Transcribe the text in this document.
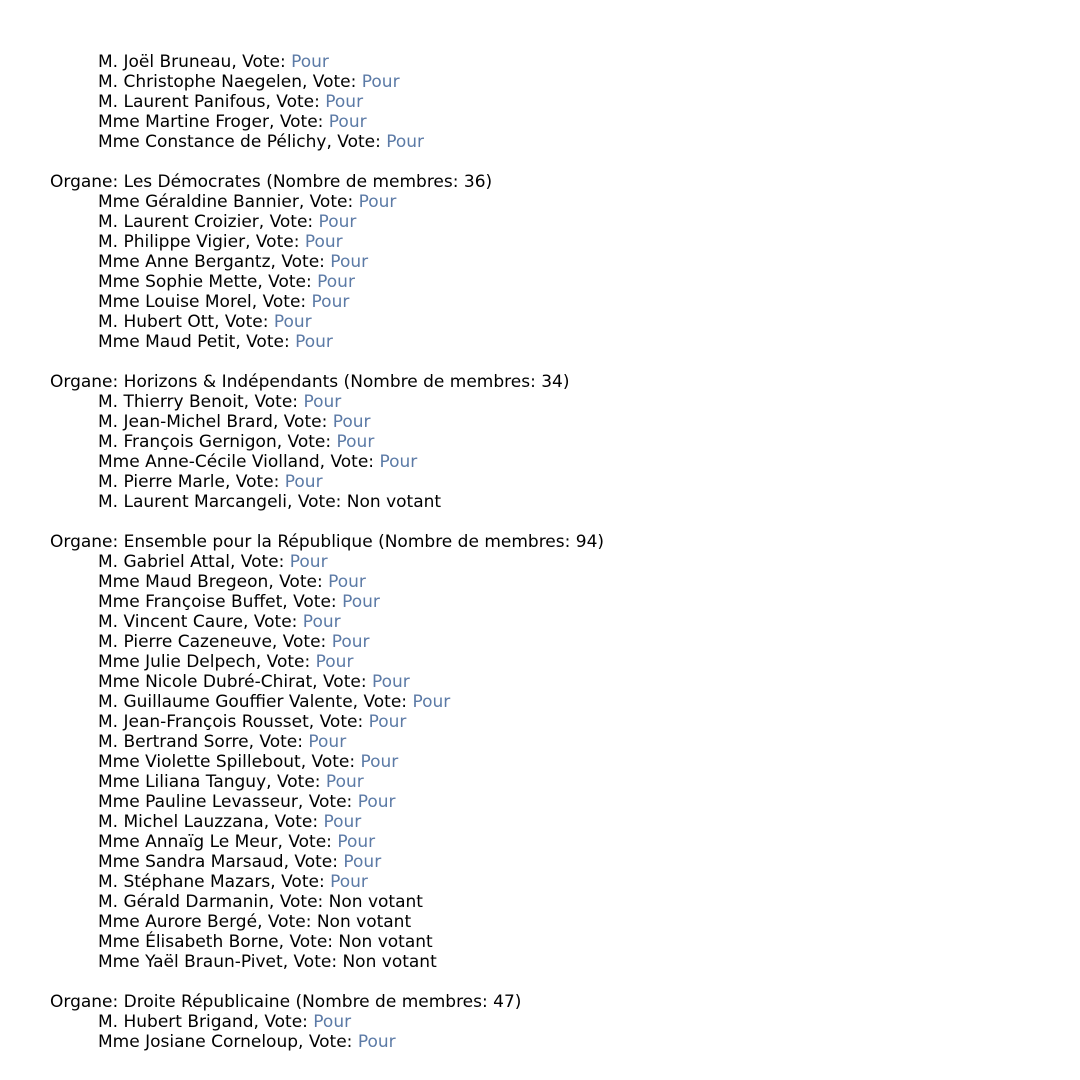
M. Joël Bruneau, Vote: Pour
M. Christophe Naegelen, Vote: Pour
M. Laurent Panifous, Vote: Pour
Mme Martine Froger, Vote: Pour
Mme Constance de Pélichy, Vote: Pour
Organe: Les Démocrates (Nombre de membres: 36)
Mme Géraldine Bannier, Vote: Pour
M. Laurent Croizier, Vote: Pour
M. Philippe Vigier, Vote: Pour
Mme Anne Bergantz, Vote: Pour
Mme Sophie Mette, Vote: Pour
Mme Louise Morel, Vote: Pour
M. Hubert Ott, Vote: Pour
Mme Maud Petit, Vote: Pour
Organe: Horizons & Indépendants (Nombre de membres: 34)
M. Thierry Benoit, Vote: Pour
M. Jean-Michel Brard, Vote: Pour
M. François Gernigon, Vote: Pour
Mme Anne-Cécile Violland, Vote: Pour
M. Pierre Marle, Vote: Pour
M. Laurent Marcangeli, Vote: Non votant
Organe: Ensemble pour la République (Nombre de membres: 94)
M. Gabriel Attal, Vote: Pour
Mme Maud Bregeon, Vote: Pour
Mme Françoise Buffet, Vote: Pour
M. Vincent Caure, Vote: Pour
M. Pierre Cazeneuve, Vote: Pour
Mme Julie Delpech, Vote: Pour
Mme Nicole Dubré-Chirat, Vote: Pour
M. Guillaume Gouffier Valente, Vote: Pour
M. Jean-François Rousset, Vote: Pour
M. Bertrand Sorre, Vote: Pour
Mme Violette Spillebout, Vote: Pour
Mme Liliana Tanguy, Vote: Pour
Mme Pauline Levasseur, Vote: Pour
M. Michel Lauzzana, Vote: Pour
Mme Annaïg Le Meur, Vote: Pour
Mme Sandra Marsaud, Vote: Pour
M. Stéphane Mazars, Vote: Pour
M. Gérald Darmanin, Vote: Non votant
Mme Aurore Bergé, Vote: Non votant
Mme Élisabeth Borne, Vote: Non votant
Mme Yaël Braun-Pivet, Vote: Non votant
Organe: Droite Républicaine (Nombre de membres: 47)
M. Hubert Brigand, Vote: Pour
Mme Josiane Corneloup, Vote: Pour
